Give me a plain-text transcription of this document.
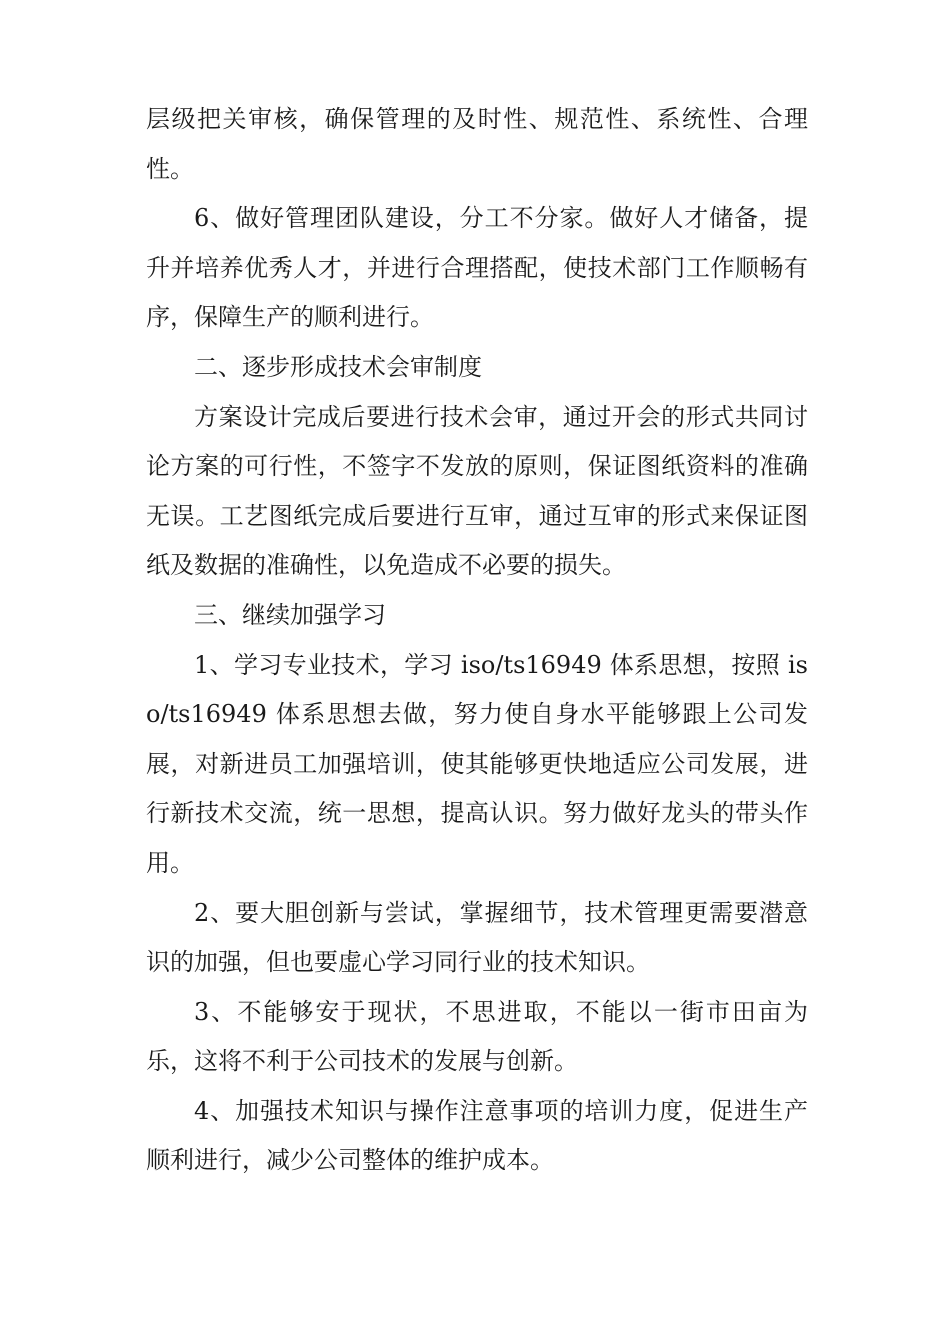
层级把关审核，确保管理的及时性、规范性、系统性、合理性。

6、做好管理团队建设，分工不分家。做好人才储备，提升并培养优秀人才，并进行合理搭配，使技术部门工作顺畅有序，保障生产的顺利进行。

二、逐步形成技术会审制度

方案设计完成后要进行技术会审，通过开会的形式共同讨论方案的可行性，不签字不发放的原则，保证图纸资料的准确无误。工艺图纸完成后要进行互审，通过互审的形式来保证图纸及数据的准确性，以免造成不必要的损失。

三、继续加强学习

1、学习专业技术，学习 iso/ts16949 体系思想，按照 iso/ts16949 体系思想去做，努力使自身水平能够跟上公司发展，对新进员工加强培训，使其能够更快地适应公司发展，进行新技术交流，统一思想，提高认识。努力做好龙头的带头作用。

2、要大胆创新与尝试，掌握细节，技术管理更需要潜意识的加强，但也要虚心学习同行业的技术知识。

3、不能够安于现状，不思进取，不能以一街市田亩为乐，这将不利于公司技术的发展与创新。

4、加强技术知识与操作注意事项的培训力度，促进生产顺利进行，减少公司整体的维护成本。
